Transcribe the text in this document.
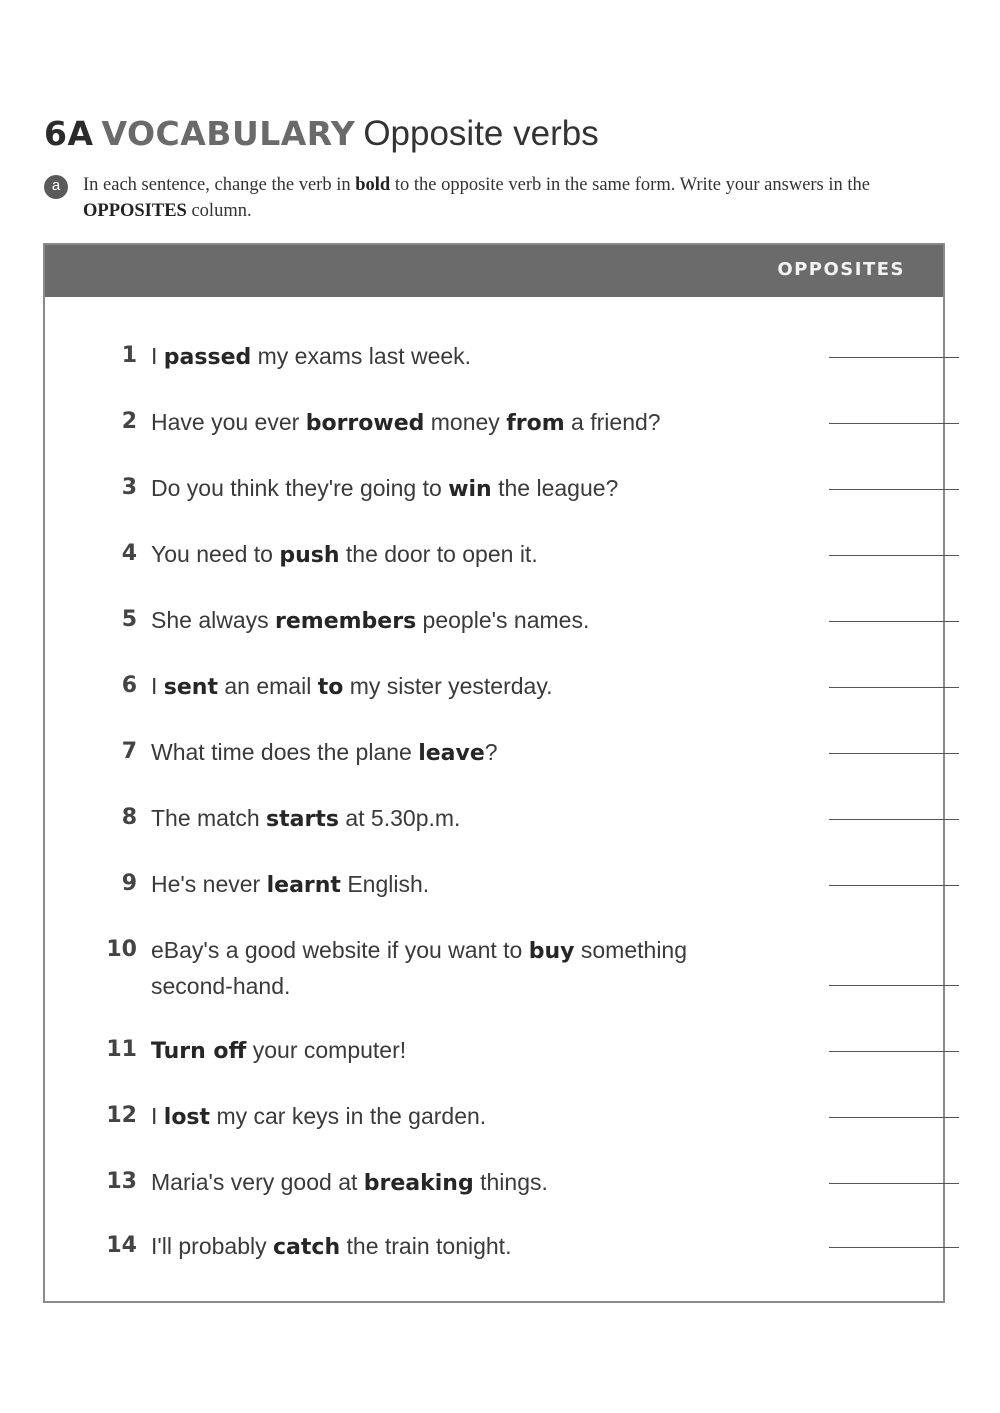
6A VOCABULARY Opposite verbs
a	In each sentence, change the verb in bold to the opposite verb in the same form. Write your answers in the OPPOSITES column.
OPPOSITES
1 I passed my exams last week.
2 Have you ever borrowed money from a friend?
3 Do you think they're going to win the league?
4 You need to push the door to open it.
5 She always remembers people's names.
6 I sent an email to my sister yesterday.
7 What time does the plane leave?
8 The match starts at 5.30p.m.
9 He's never learnt English.
10 eBay's a good website if you want to buy something second-hand.
11 Turn off your computer!
12 I lost my car keys in the garden.
13 Maria's very good at breaking things.
14 I'll probably catch the train tonight.
